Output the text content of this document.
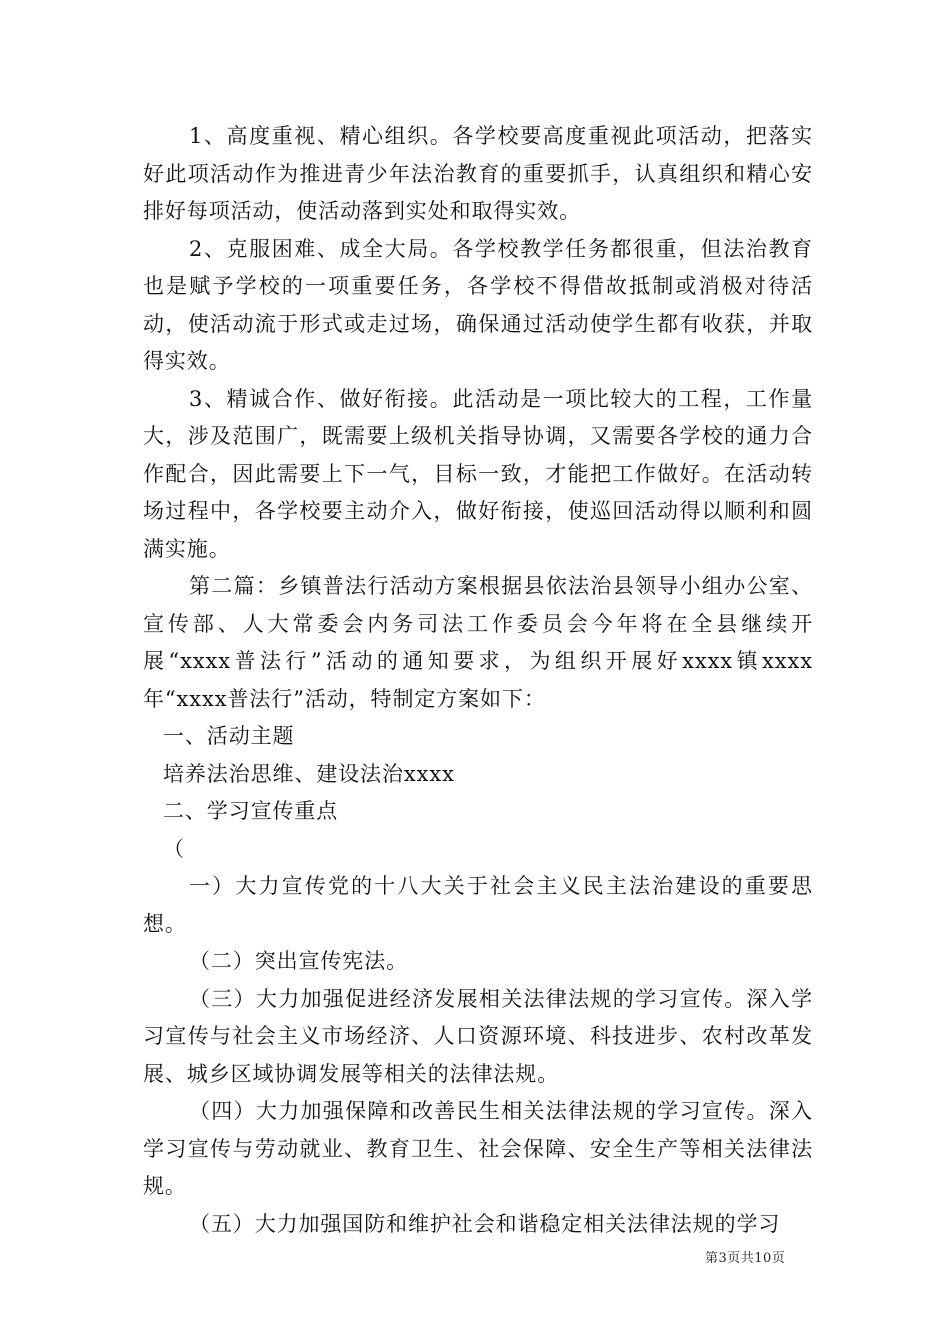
1、高度重视、精心组织。各学校要高度重视此项活动，把落实好此项活动作为推进青少年法治教育的重要抓手，认真组织和精心安排好每项活动，使活动落到实处和取得实效。

2、克服困难、成全大局。各学校教学任务都很重，但法治教育也是赋予学校的一项重要任务，各学校不得借故抵制或消极对待活动，使活动流于形式或走过场，确保通过活动使学生都有收获，并取得实效。

3、精诚合作、做好衔接。此活动是一项比较大的工程，工作量大，涉及范围广，既需要上级机关指导协调，又需要各学校的通力合作配合，因此需要上下一气，目标一致，才能把工作做好。在活动转场过程中，各学校要主动介入，做好衔接，使巡回活动得以顺利和圆满实施。

第二篇：乡镇普法行活动方案根据县依法治县领导小组办公室、宣传部、人大常委会内务司法工作委员会今年将在全县继续开展“xxxx普法行”活动的通知要求，为组织开展好xxxx镇xxxx年“xxxx普法行”活动，特制定方案如下：

一、活动主题

培养法治思维、建设法治xxxx

二、学习宣传重点

（

一）大力宣传党的十八大关于社会主义民主法治建设的重要思想。

（二）突出宣传宪法。

（三）大力加强促进经济发展相关法律法规的学习宣传。深入学习宣传与社会主义市场经济、人口资源环境、科技进步、农村改革发展、城乡区域协调发展等相关的法律法规。

（四）大力加强保障和改善民生相关法律法规的学习宣传。深入学习宣传与劳动就业、教育卫生、社会保障、安全生产等相关法律法规。

（五）大力加强国防和维护社会和谐稳定相关法律法规的学习

第3页共10页
